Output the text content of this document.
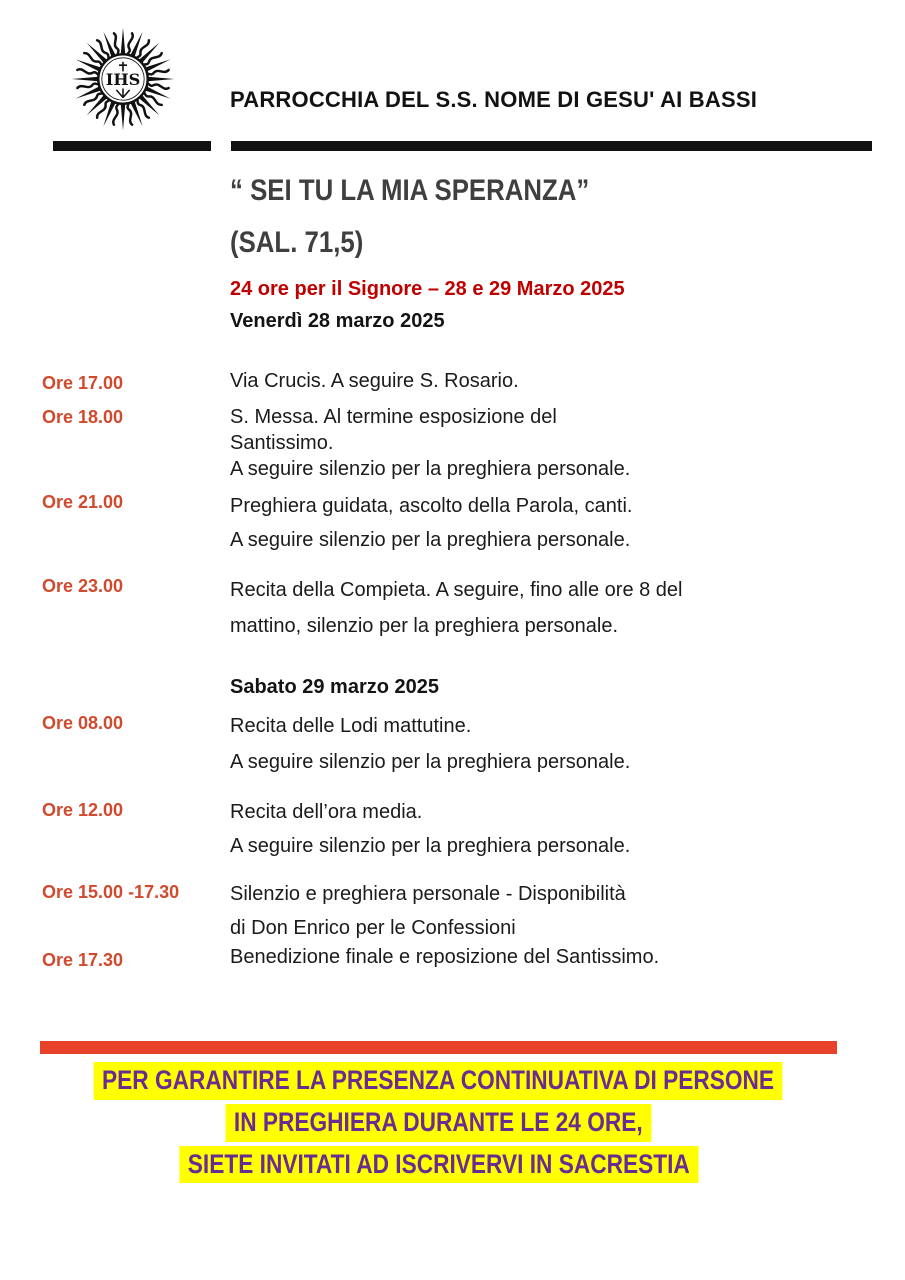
IHS
PARROCCHIA DEL S.S. NOME DI GESU' AI BASSI
“ SEI TU LA MIA SPERANZA”
(SAL. 71,5)
24 ore per il Signore – 28 e 29 Marzo 2025
Venerdì 28 marzo 2025
Ore 17.00	Via Crucis. A seguire S. Rosario.
Ore 18.00	S. Messa. Al termine esposizione del
Santissimo.
A seguire silenzio per la preghiera personale.
Ore 21.00	Preghiera guidata, ascolto della Parola, canti.
A seguire silenzio per la preghiera personale.
Ore 23.00	Recita della Compieta. A seguire, fino alle ore 8 del
mattino, silenzio per la preghiera personale.
Sabato 29 marzo 2025
Ore 08.00	Recita delle Lodi mattutine.
A seguire silenzio per la preghiera personale.
Ore 12.00	Recita dell’ora media.
A seguire silenzio per la preghiera personale.
Ore 15.00 -17.30	Silenzio e preghiera personale - Disponibilità
di Don Enrico per le Confessioni
Ore 17.30	Benedizione finale e reposizione del Santissimo.
PER GARANTIRE LA PRESENZA CONTINUATIVA DI PERSONE
IN PREGHIERA DURANTE LE 24 ORE,
SIETE INVITATI AD ISCRIVERVI IN SACRESTIA
